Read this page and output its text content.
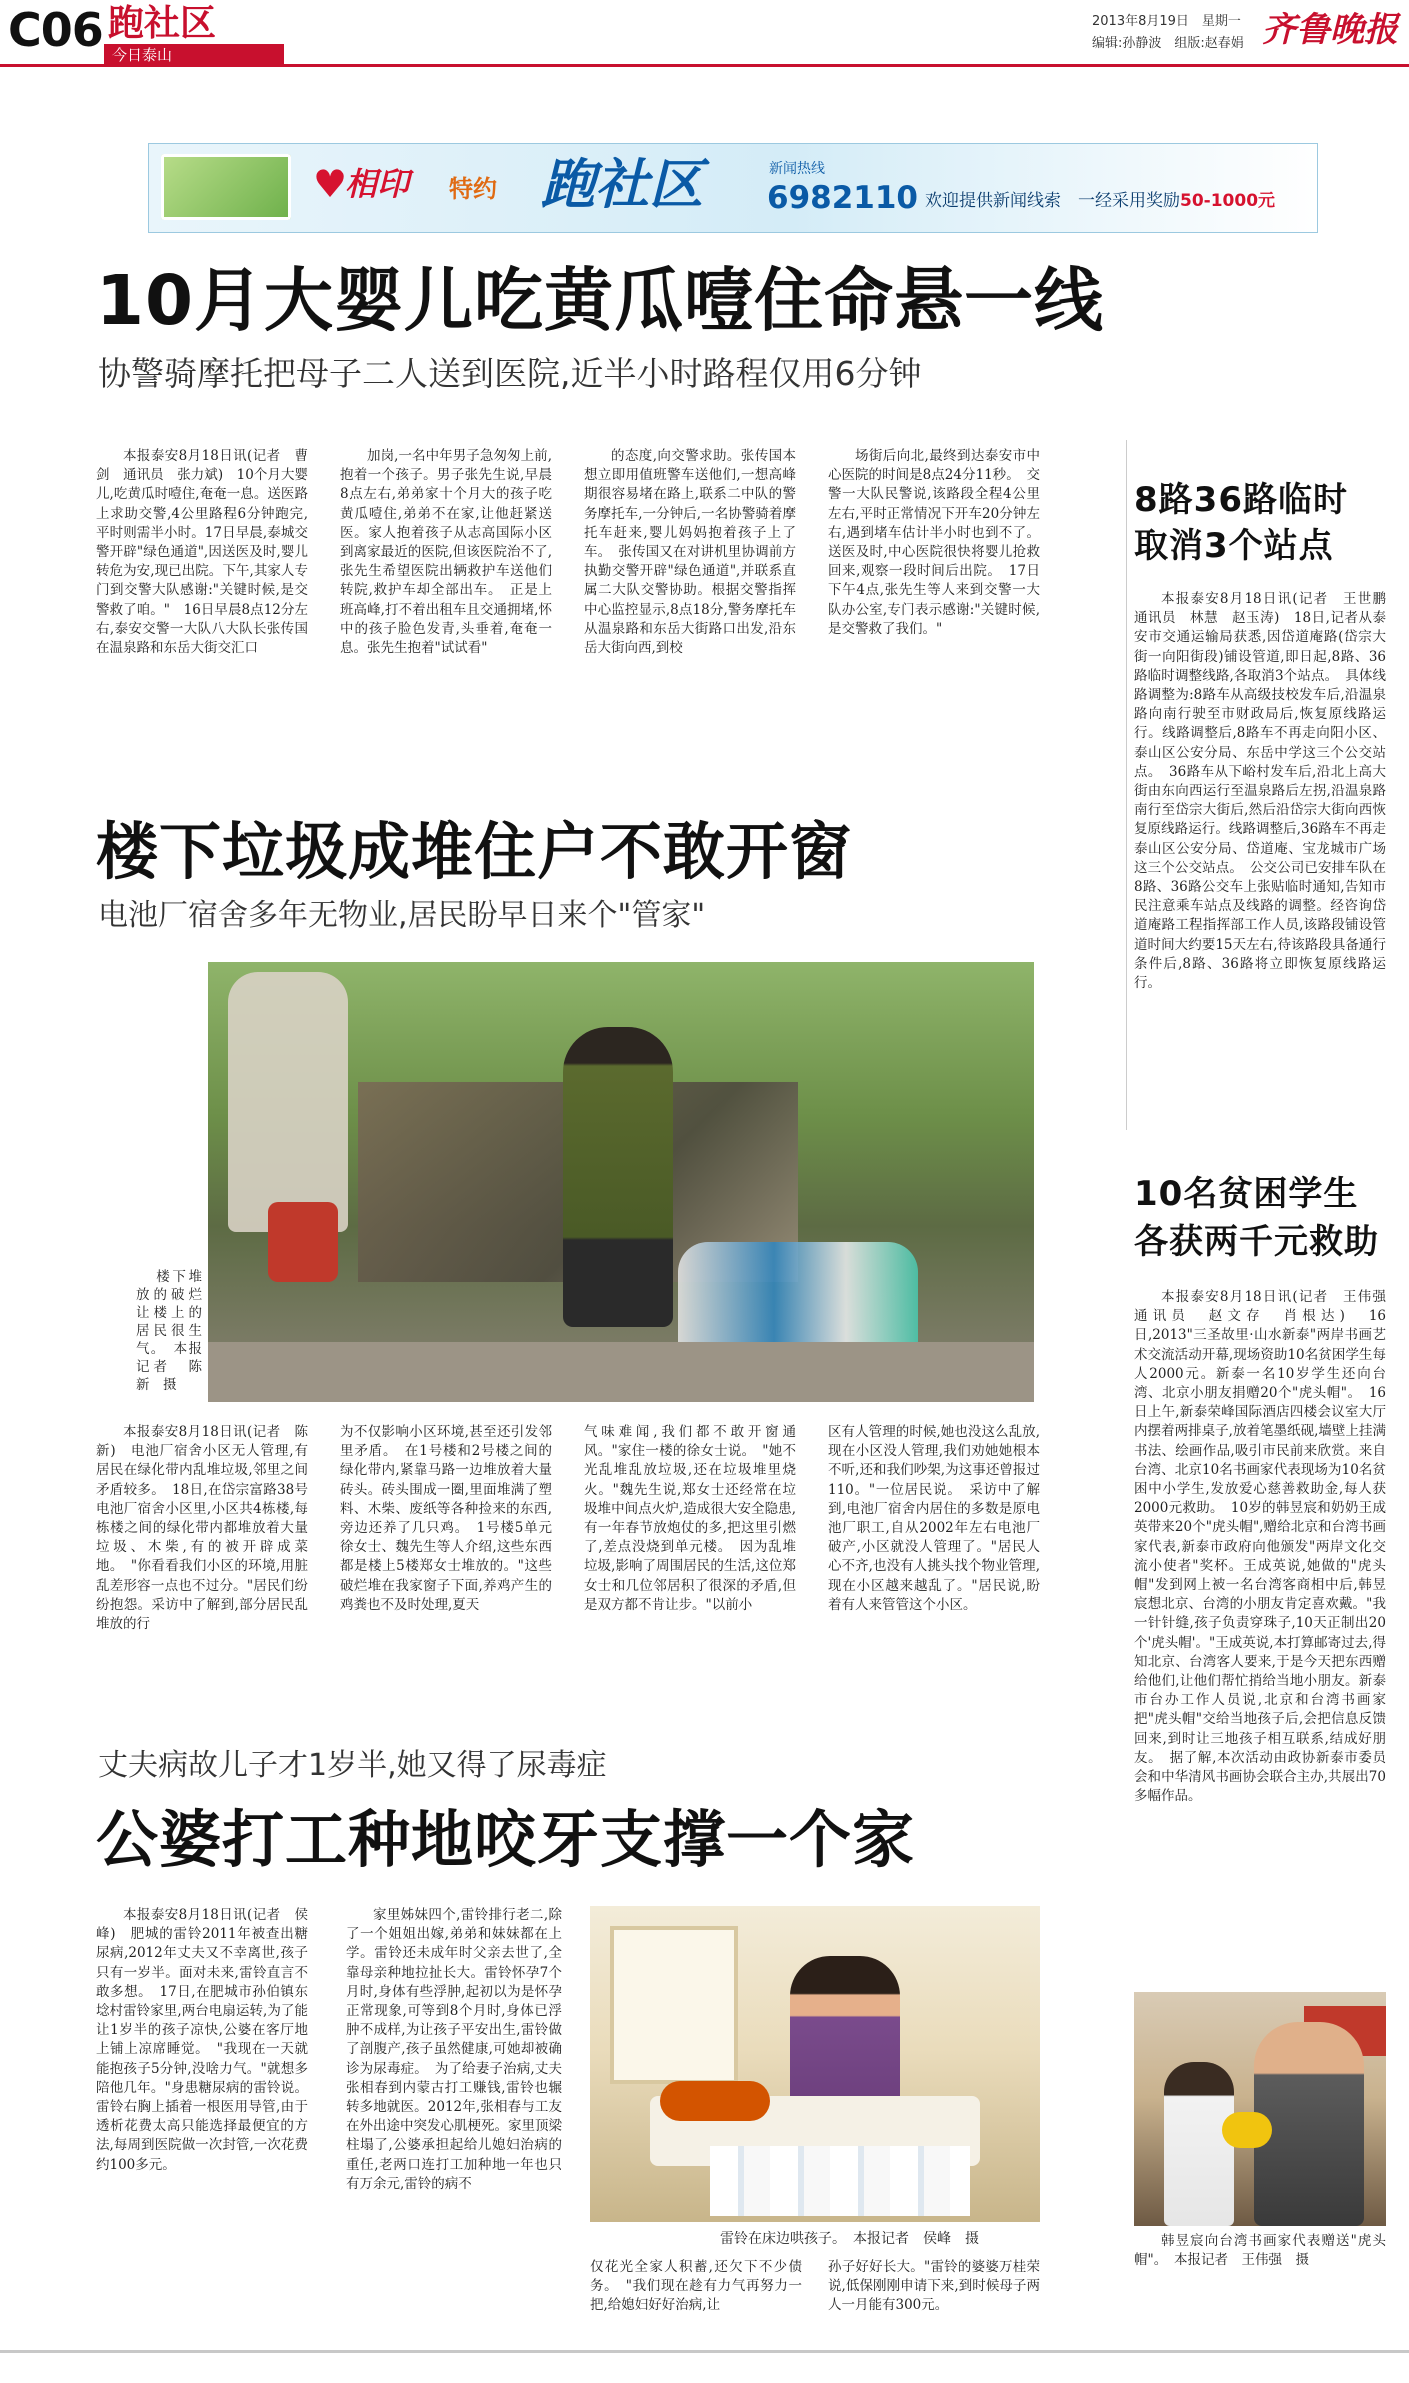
C06 跑社区
今日泰山
2013年8月19日　星期一
编辑:孙静波　组版:赵春娟 齐鲁晚报
♥
相印 特约 跑社区	新闻热线
6982110 欢迎提供新闻线索　一经采用奖励50-1000元
10月大婴儿吃黄瓜噎住命悬一线
协警骑摩托把母子二人送到医院,近半小时路程仅用6分钟
本报泰安8月18日讯(记者　曹剑　通讯员　张力斌)　10个月大婴儿,吃黄瓜时噎住,奄奄一息。送医路上求助交警,4公里路程6分钟跑完,平时则需半小时。17日早晨,泰城交警开辟"绿色通道",因送医及时,婴儿转危为安,现已出院。下午,其家人专门到交警大队感谢:"关键时候,是交警救了咱。"　16日早晨8点12分左右,泰安交警一大队八大队长张传国在温泉路和东岳大街交汇口
加岗,一名中年男子急匆匆上前,抱着一个孩子。男子张先生说,早晨8点左右,弟弟家十个月大的孩子吃黄瓜噎住,弟弟不在家,让他赶紧送医。家人抱着孩子从志高国际小区到离家最近的医院,但该医院治不了,张先生希望医院出辆救护车送他们转院,救护车却全部出车。　正是上班高峰,打不着出租车且交通拥堵,怀中的孩子脸色发青,头垂着,奄奄一息。张先生抱着"试试看"
的态度,向交警求助。张传国本想立即用值班警车送他们,一想高峰期很容易堵在路上,联系二中队的警务摩托车,一分钟后,一名协警骑着摩托车赶来,婴儿妈妈抱着孩子上了车。　张传国又在对讲机里协调前方执勤交警开辟"绿色通道",并联系直属二大队交警协助。根据交警指挥中心监控显示,8点18分,警务摩托车从温泉路和东岳大街路口出发,沿东岳大街向西,到校
场街后向北,最终到达泰安市中心医院的时间是8点24分11秒。　交警一大队民警说,该路段全程4公里左右,平时正常情况下开车20分钟左右,遇到堵车估计半小时也到不了。送医及时,中心医院很快将婴儿抢救回来,观察一段时间后出院。　17日下午4点,张先生等人来到交警一大队办公室,专门表示感谢:"关键时候,是交警救了我们。"
8路36路临时
取消3个站点
本报泰安8月18日讯(记者　王世鹏　通讯员　林慧　赵玉涛)　18日,记者从泰安市交通运输局获悉,因岱道庵路(岱宗大街一向阳街段)铺设管道,即日起,8路、36路临时调整线路,各取消3个站点。　具体线路调整为:8路车从高级技校发车后,沿温泉路向南行驶至市财政局后,恢复原线路运行。线路调整后,8路车不再走向阳小区、泰山区公安分局、东岳中学这三个公交站点。　36路车从下峪村发车后,沿北上高大街由东向西运行至温泉路后左拐,沿温泉路南行至岱宗大街后,然后沿岱宗大街向西恢复原线路运行。线路调整后,36路车不再走泰山区公安分局、岱道庵、宝龙城市广场这三个公交站点。　公交公司已安排车队在8路、36路公交车上张贴临时通知,告知市民注意乘车站点及线路的调整。经咨询岱道庵路工程指挥部工作人员,该路段铺设管道时间大约要15天左右,待该路段具备通行条件后,8路、36路将立即恢复原线路运行。
楼下垃圾成堆住户不敢开窗
电池厂宿舍多年无物业,居民盼早日来个"管家"
楼下堆放的破烂让楼上的居民很生气。　本报记者　陈新　摄
本报泰安8月18日讯(记者　陈新)　电池厂宿舍小区无人管理,有居民在绿化带内乱堆垃圾,邻里之间矛盾较多。　18日,在岱宗富路38号电池厂宿舍小区里,小区共4栋楼,每栋楼之间的绿化带内都堆放着大量垃圾、木柴,有的被开辟成菜地。　"你看看我们小区的环境,用脏乱差形容一点也不过分。"居民们纷纷抱怨。采访中了解到,部分居民乱堆放的行
为不仅影响小区环境,甚至还引发邻里矛盾。　在1号楼和2号楼之间的绿化带内,紧靠马路一边堆放着大量砖头。砖头围成一圈,里面堆满了塑料、木柴、废纸等各种捡来的东西,旁边还养了几只鸡。　1号楼5单元徐女士、魏先生等人介绍,这些东西都是楼上5楼郑女士堆放的。"这些破烂堆在我家窗子下面,养鸡产生的鸡粪也不及时处理,夏天
气味难闻,我们都不敢开窗通风。"家住一楼的徐女士说。　"她不光乱堆乱放垃圾,还在垃圾堆里烧火。"魏先生说,郑女士还经常在垃圾堆中间点火炉,造成很大安全隐患,有一年春节放炮仗的多,把这里引燃了,差点没烧到单元楼。　因为乱堆垃圾,影响了周围居民的生活,这位郑女士和几位邻居积了很深的矛盾,但是双方都不肯让步。"以前小
区有人管理的时候,她也没这么乱放,现在小区没人管理,我们劝她她根本不听,还和我们吵架,为这事还曾报过110。"一位居民说。　采访中了解到,电池厂宿舍内居住的多数是原电池厂职工,自从2002年左右电池厂破产,小区就没人管理了。"居民人心不齐,也没有人挑头找个物业管理,现在小区越来越乱了。"居民说,盼着有人来管管这个小区。
10名贫困学生
各获两千元救助
本报泰安8月18日讯(记者　王伟强　通讯员　赵文存　肖根达)　16日,2013"三圣故里·山水新泰"两岸书画艺术交流活动开幕,现场资助10名贫困学生每人2000元。新泰一名10岁学生还向台湾、北京小朋友捐赠20个"虎头帽"。　16日上午,新泰荣峰国际酒店四楼会议室大厅内摆着两排桌子,放着笔墨纸砚,墙壁上挂满书法、绘画作品,吸引市民前来欣赏。来自台湾、北京10名书画家代表现场为10名贫困中小学生,发放爱心慈善救助金,每人获2000元救助。　10岁的韩昱宸和奶奶王成英带来20个"虎头帽",赠给北京和台湾书画家代表,新泰市政府向他颁发"两岸文化交流小使者"奖杯。王成英说,她做的"虎头帽"发到网上被一名台湾客商相中后,韩昱宸想北京、台湾的小朋友肯定喜欢戴。"我一针针缝,孩子负责穿珠子,10天正制出20个'虎头帽'。"王成英说,本打算邮寄过去,得知北京、台湾客人要来,于是今天把东西赠给他们,让他们帮忙捎给当地小朋友。新泰市台办工作人员说,北京和台湾书画家把"虎头帽"交给当地孩子后,会把信息反馈回来,到时让三地孩子相互联系,结成好朋友。　据了解,本次活动由政协新泰市委员会和中华清风书画协会联合主办,共展出70多幅作品。
韩昱宸向台湾书画家代表赠送"虎头帽"。　本报记者　王伟强　摄
丈夫病故儿子才1岁半,她又得了尿毒症
公婆打工种地咬牙支撑一个家
本报泰安8月18日讯(记者　侯峰)　肥城的雷铃2011年被查出糖尿病,2012年丈夫又不幸离世,孩子只有一岁半。面对未来,雷铃直言不敢多想。　17日,在肥城市孙伯镇东埝村雷铃家里,两台电扇运转,为了能让1岁半的孩子凉快,公婆在客厅地上铺上凉席睡觉。　"我现在一天就能抱孩子5分钟,没啥力气。"就想多陪他几年。"身患糖尿病的雷铃说。雷铃右胸上插着一根医用导管,由于透析花费太高只能选择最便宜的方法,每周到医院做一次封管,一次花费约100多元。
家里姊妹四个,雷铃排行老二,除了一个姐姐出嫁,弟弟和妹妹都在上学。雷铃还未成年时父亲去世了,全靠母亲种地拉扯长大。雷铃怀孕7个月时,身体有些浮肿,起初以为是怀孕正常现象,可等到8个月时,身体已浮肿不成样,为让孩子平安出生,雷铃做了剖腹产,孩子虽然健康,可她却被确诊为尿毒症。　为了给妻子治病,丈夫张相春到内蒙古打工赚钱,雷铃也辗转多地就医。2012年,张相春与工友在外出途中突发心肌梗死。家里顶梁柱塌了,公婆承担起给儿媳妇治病的重任,老两口连打工加种地一年也只有万余元,雷铃的病不
雷铃在床边哄孩子。　本报记者　侯峰　摄
仅花光全家人积蓄,还欠下不少债务。　"我们现在趁有力气再努力一把,给媳妇好好治病,让
孙子好好长大。"雷铃的婆婆万桂荣说,低保刚刚申请下来,到时候母子两人一月能有300元。
